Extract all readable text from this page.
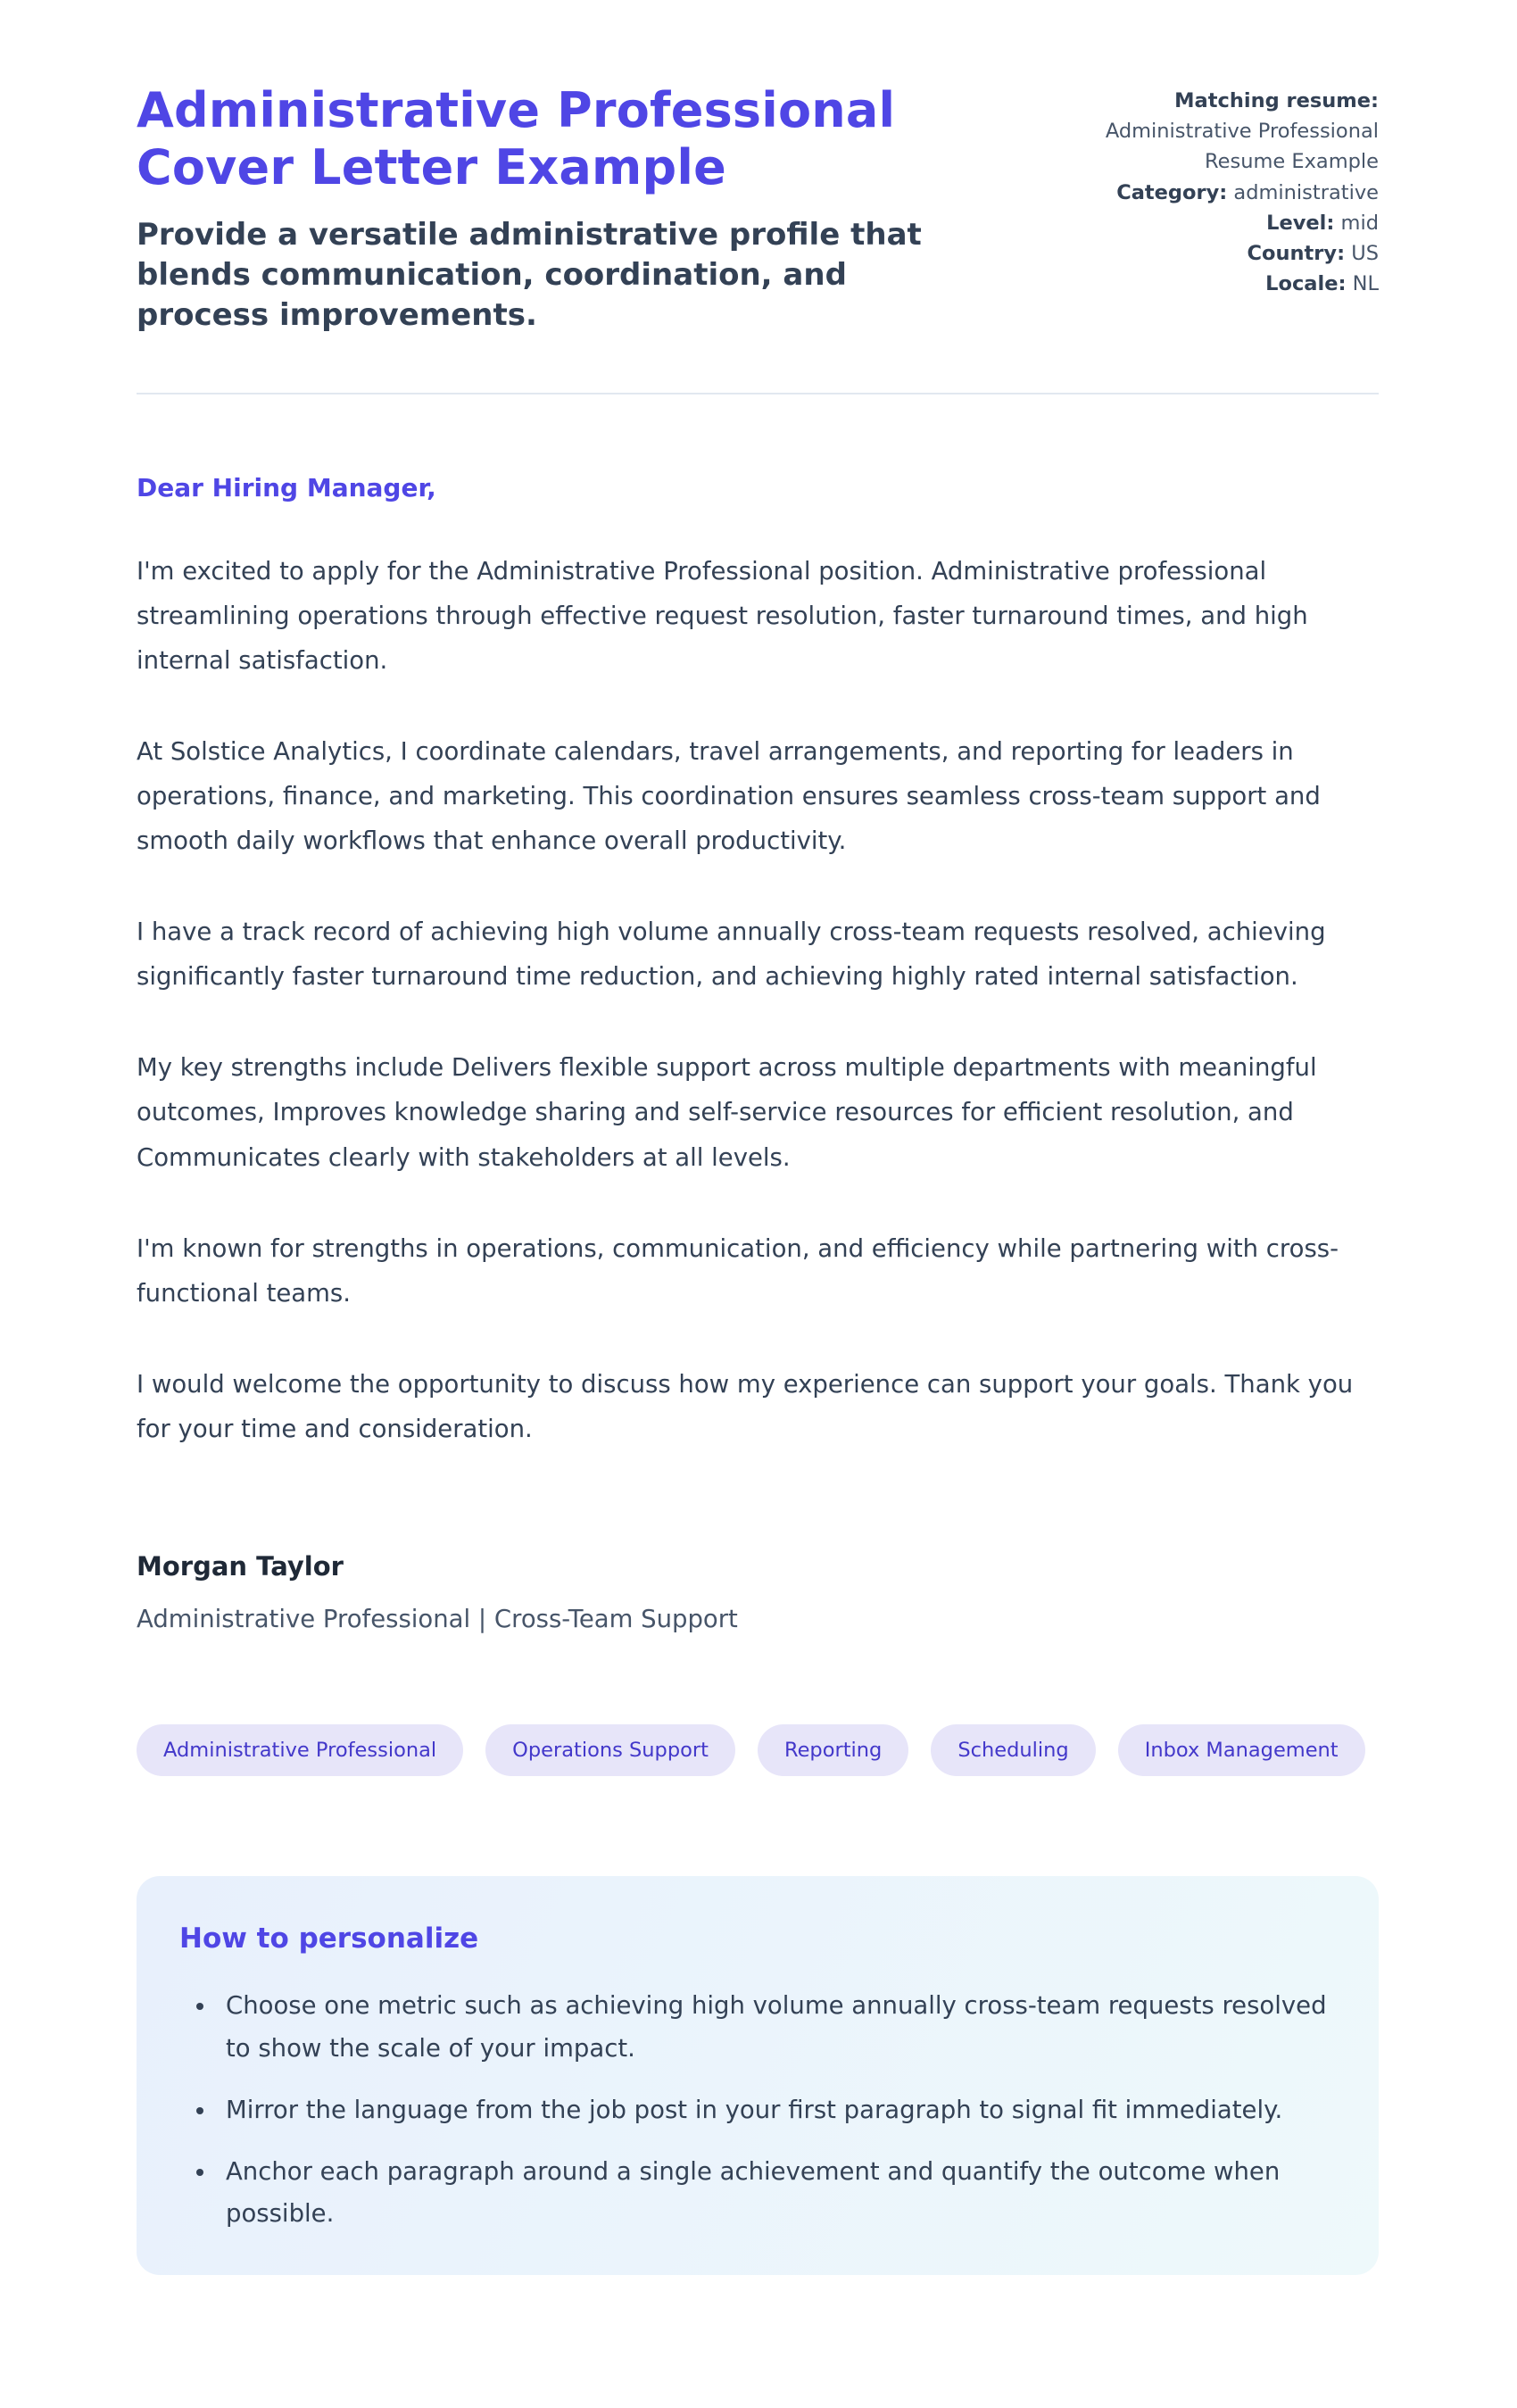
Administrative Professional Cover Letter Example

Provide a versatile administrative profile that blends communication, coordination, and process improvements.

Matching resume: Administrative Professional Resume Example
Category: administrative
Level: mid
Country: US
Locale: NL

Dear Hiring Manager,

I'm excited to apply for the Administrative Professional position. Administrative professional streamlining operations through effective request resolution, faster turnaround times, and high internal satisfaction.

At Solstice Analytics, I coordinate calendars, travel arrangements, and reporting for leaders in operations, finance, and marketing. This coordination ensures seamless cross-team support and smooth daily workflows that enhance overall productivity.

I have a track record of achieving high volume annually cross-team requests resolved, achieving significantly faster turnaround time reduction, and achieving highly rated internal satisfaction.

My key strengths include Delivers flexible support across multiple departments with meaningful outcomes, Improves knowledge sharing and self-service resources for efficient resolution, and Communicates clearly with stakeholders at all levels.

I'm known for strengths in operations, communication, and efficiency while partnering with cross-functional teams.

I would welcome the opportunity to discuss how my experience can support your goals. Thank you for your time and consideration.

Morgan Taylor

Administrative Professional | Cross-Team Support

Administrative Professional	Operations Support	Reporting	Scheduling	Inbox Management
How to personalize
• Choose one metric such as achieving high volume annually cross-team requests resolved to show the scale of your impact.
• Mirror the language from the job post in your first paragraph to signal fit immediately.
• Anchor each paragraph around a single achievement and quantify the outcome when possible.
